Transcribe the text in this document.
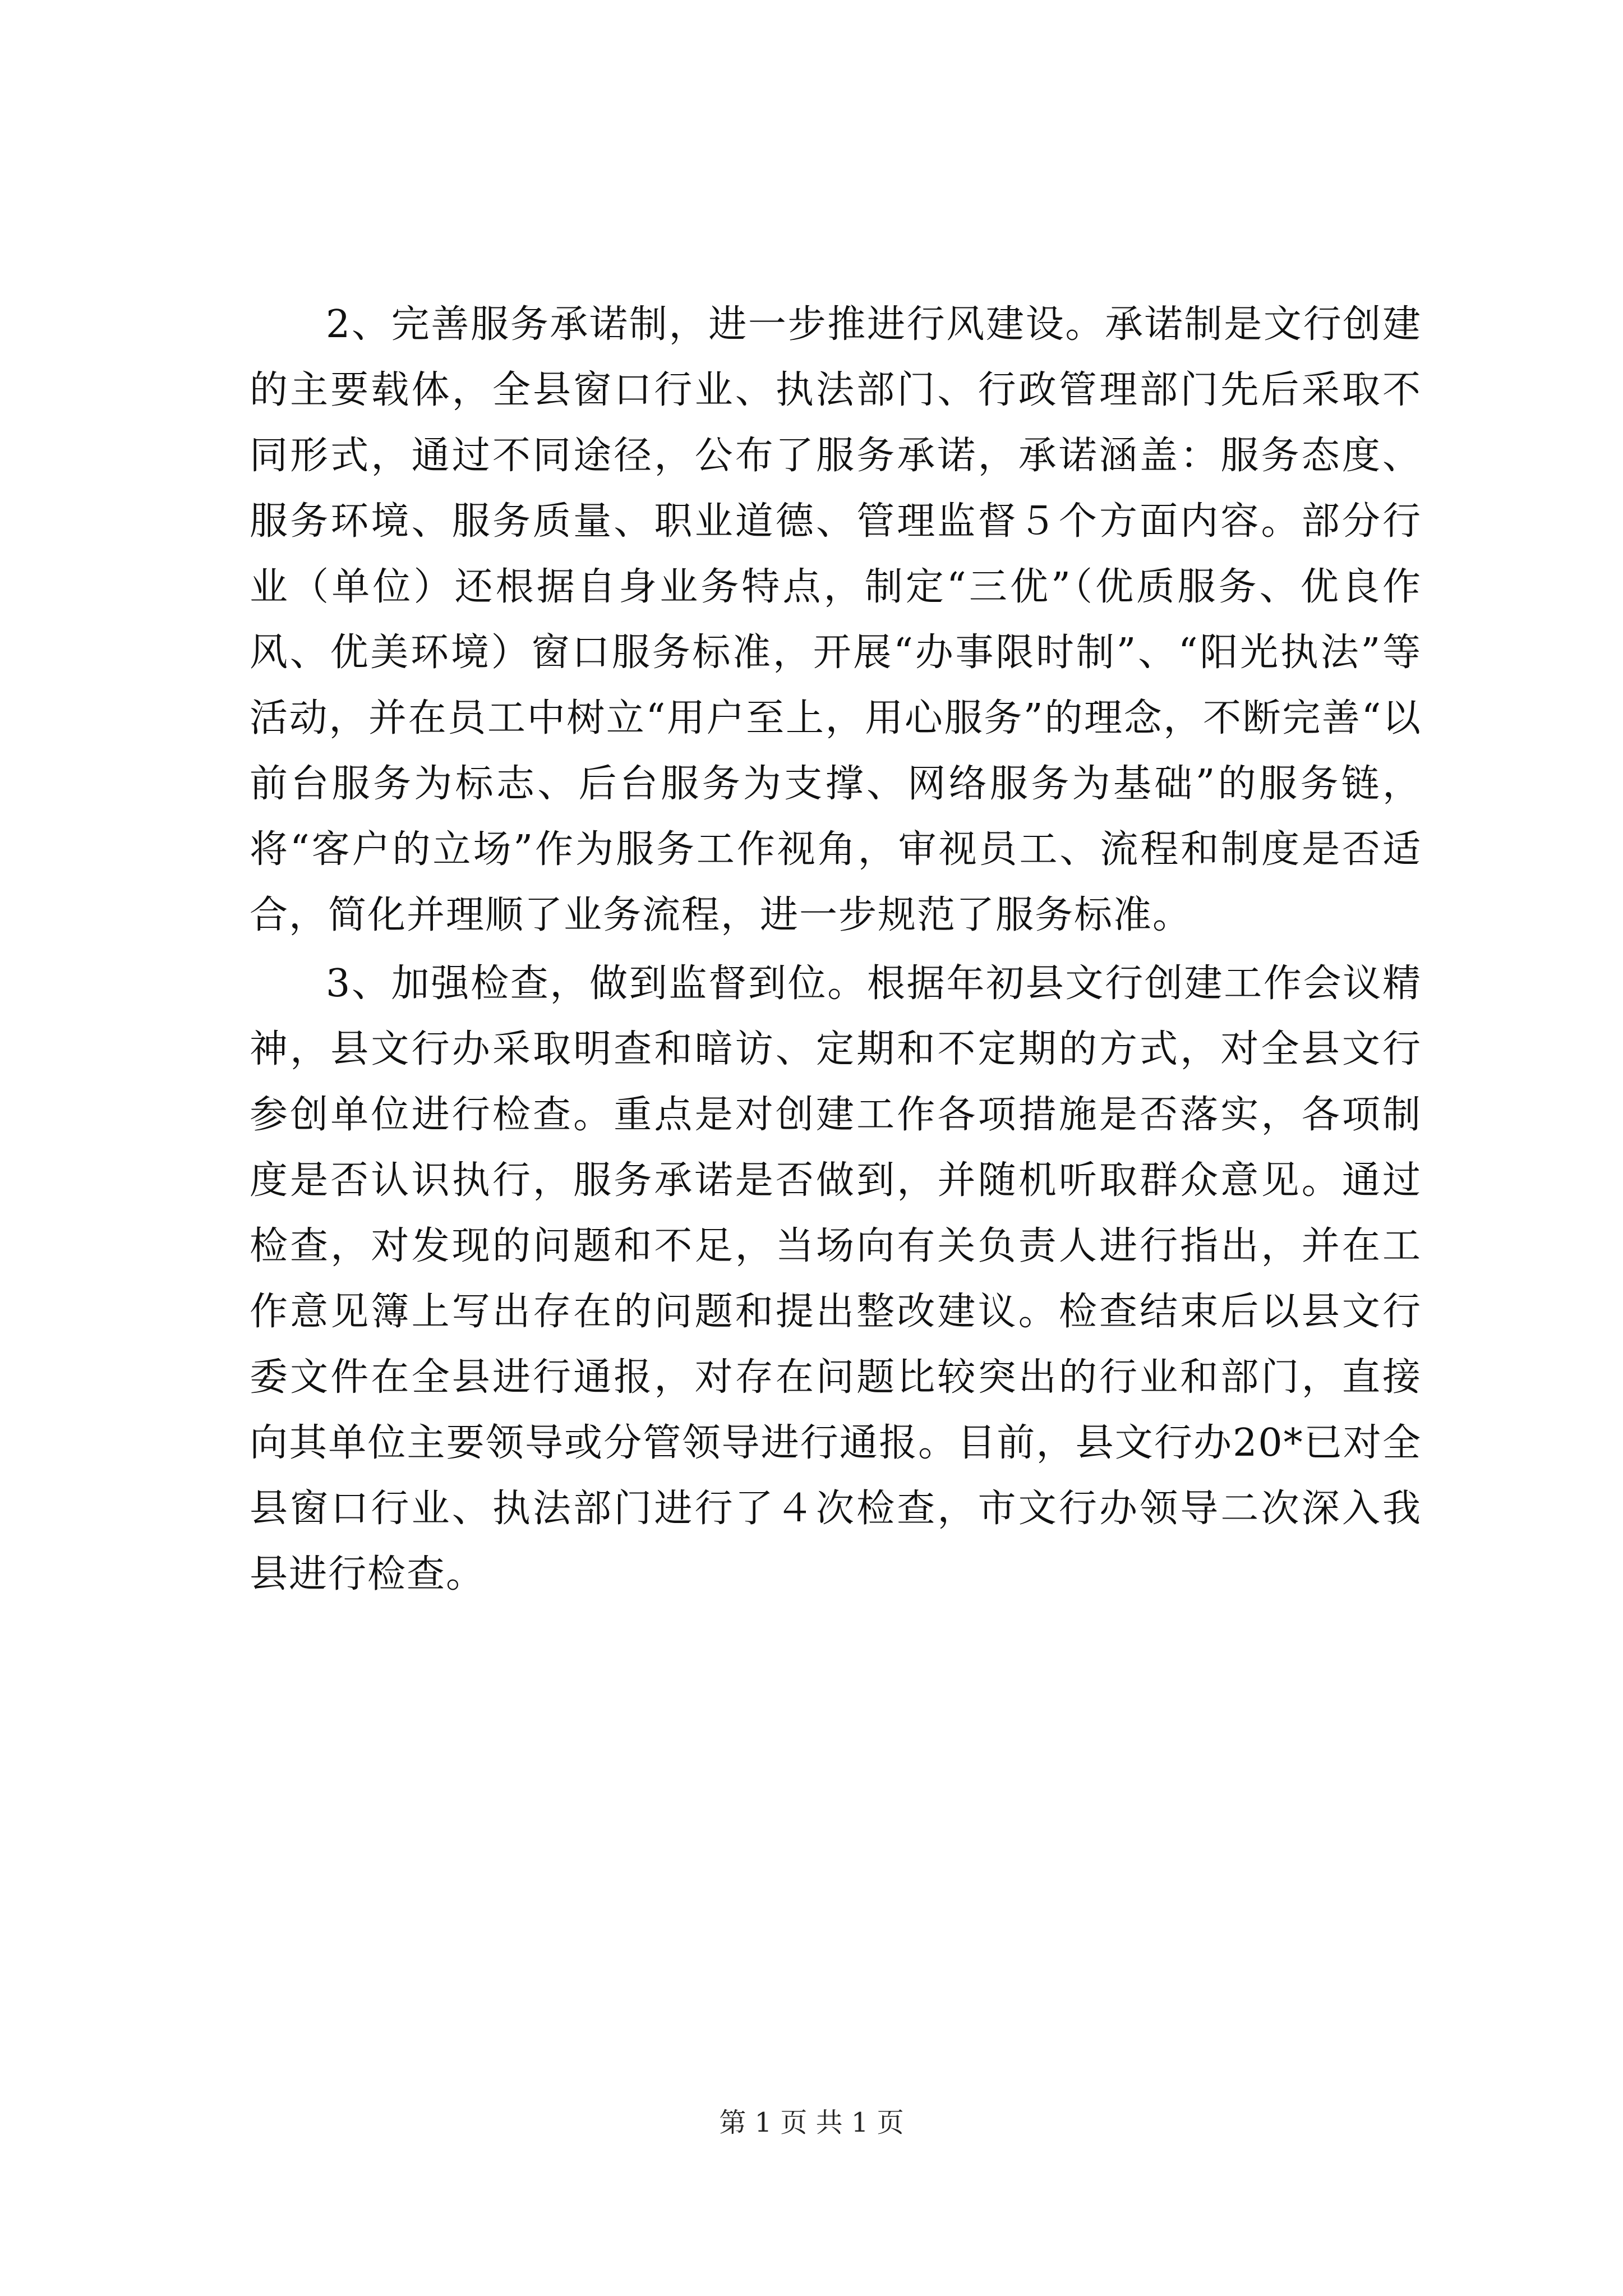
2、完善服务承诺制，进一步推进行风建设。承诺制是文行创建的主要载体，全县窗口行业、执法部门、行政管理部门先后采取不同形式，通过不同途径，公布了服务承诺，承诺涵盖：服务态度、服务环境、服务质量、职业道德、管理监督５个方面内容。部分行业（单位）还根据自身业务特点，制定“三优”（优质服务、优良作风、优美环境）窗口服务标准，开展“办事限时制”、“阳光执法”等活动，并在员工中树立“用户至上，用心服务”的理念，不断完善“以前台服务为标志、后台服务为支撑、网络服务为基础”的服务链，将“客户的立场”作为服务工作视角，审视员工、流程和制度是否适合，简化并理顺了业务流程，进一步规范了服务标准。

3、加强检查，做到监督到位。根据年初县文行创建工作会议精神，县文行办采取明查和暗访、定期和不定期的方式，对全县文行参创单位进行检查。重点是对创建工作各项措施是否落实，各项制度是否认识执行，服务承诺是否做到，并随机听取群众意见。通过检查，对发现的问题和不足，当场向有关负责人进行指出，并在工作意见簿上写出存在的问题和提出整改建议。检查结束后以县文行委文件在全县进行通报，对存在问题比较突出的行业和部门，直接向其单位主要领导或分管领导进行通报。目前，县文行办20*已对全县窗口行业、执法部门进行了４次检查，市文行办领导二次深入我县进行检查。

第 1 页 共 1 页
